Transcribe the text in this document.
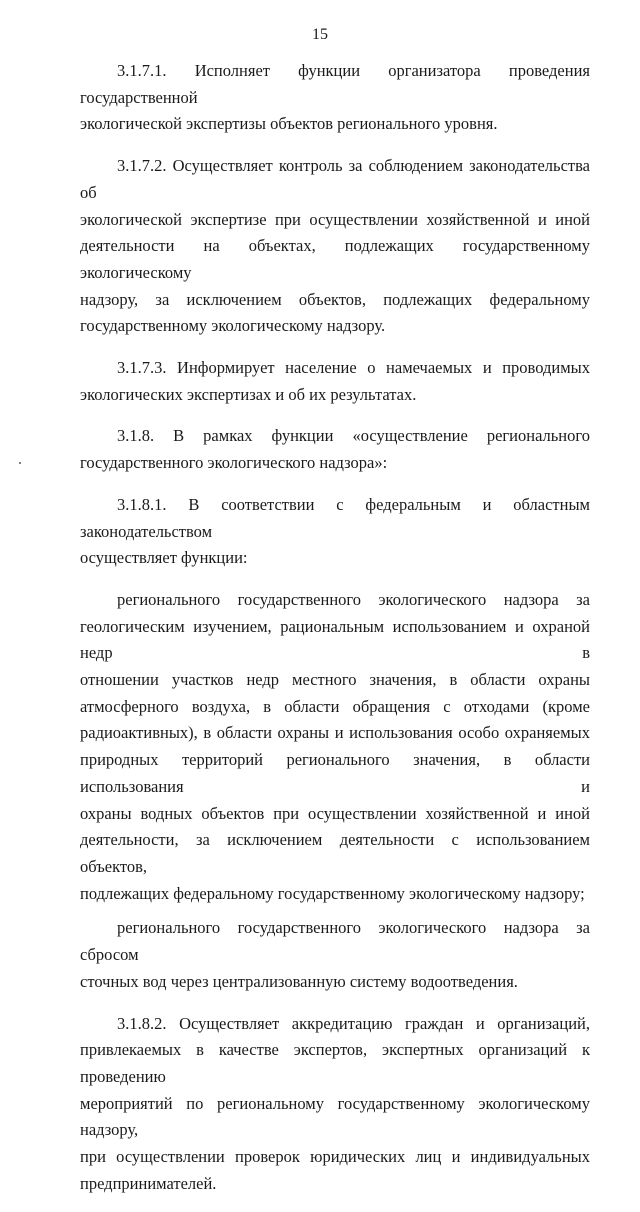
15

3.1.7.1. Исполняет функции организатора проведения государственной
экологической экспертизы объектов регионального уровня.

3.1.7.2. Осуществляет контроль за соблюдением законодательства об
экологической экспертизе при осуществлении хозяйственной и иной
деятельности на объектах, подлежащих государственному экологическому
надзору, за исключением объектов, подлежащих федеральному
государственному экологическому надзору.

3.1.7.3. Информирует население о намечаемых и проводимых
экологических экспертизах и об их результатах.

3.1.8. В рамках функции «осуществление регионального
государственного экологического надзора»:

3.1.8.1. В соответствии с федеральным и областным законодательством
осуществляет функции:

регионального государственного экологического надзора за
геологическим изучением, рациональным использованием и охраной недр в
отношении участков недр местного значения, в области охраны
атмосферного воздуха, в области обращения с отходами (кроме
радиоактивных), в области охраны и использования особо охраняемых
природных территорий регионального значения, в области использования и
охраны водных объектов при осуществлении хозяйственной и иной
деятельности, за исключением деятельности с использованием объектов,
подлежащих федеральному государственному экологическому надзору;

регионального государственного экологического надзора за сбросом
сточных вод через централизованную систему водоотведения.

3.1.8.2. Осуществляет аккредитацию граждан и организаций,
привлекаемых в качестве экспертов, экспертных организаций к проведению
мероприятий по региональному государственному экологическому надзору,
при осуществлении проверок юридических лиц и индивидуальных
предпринимателей.
